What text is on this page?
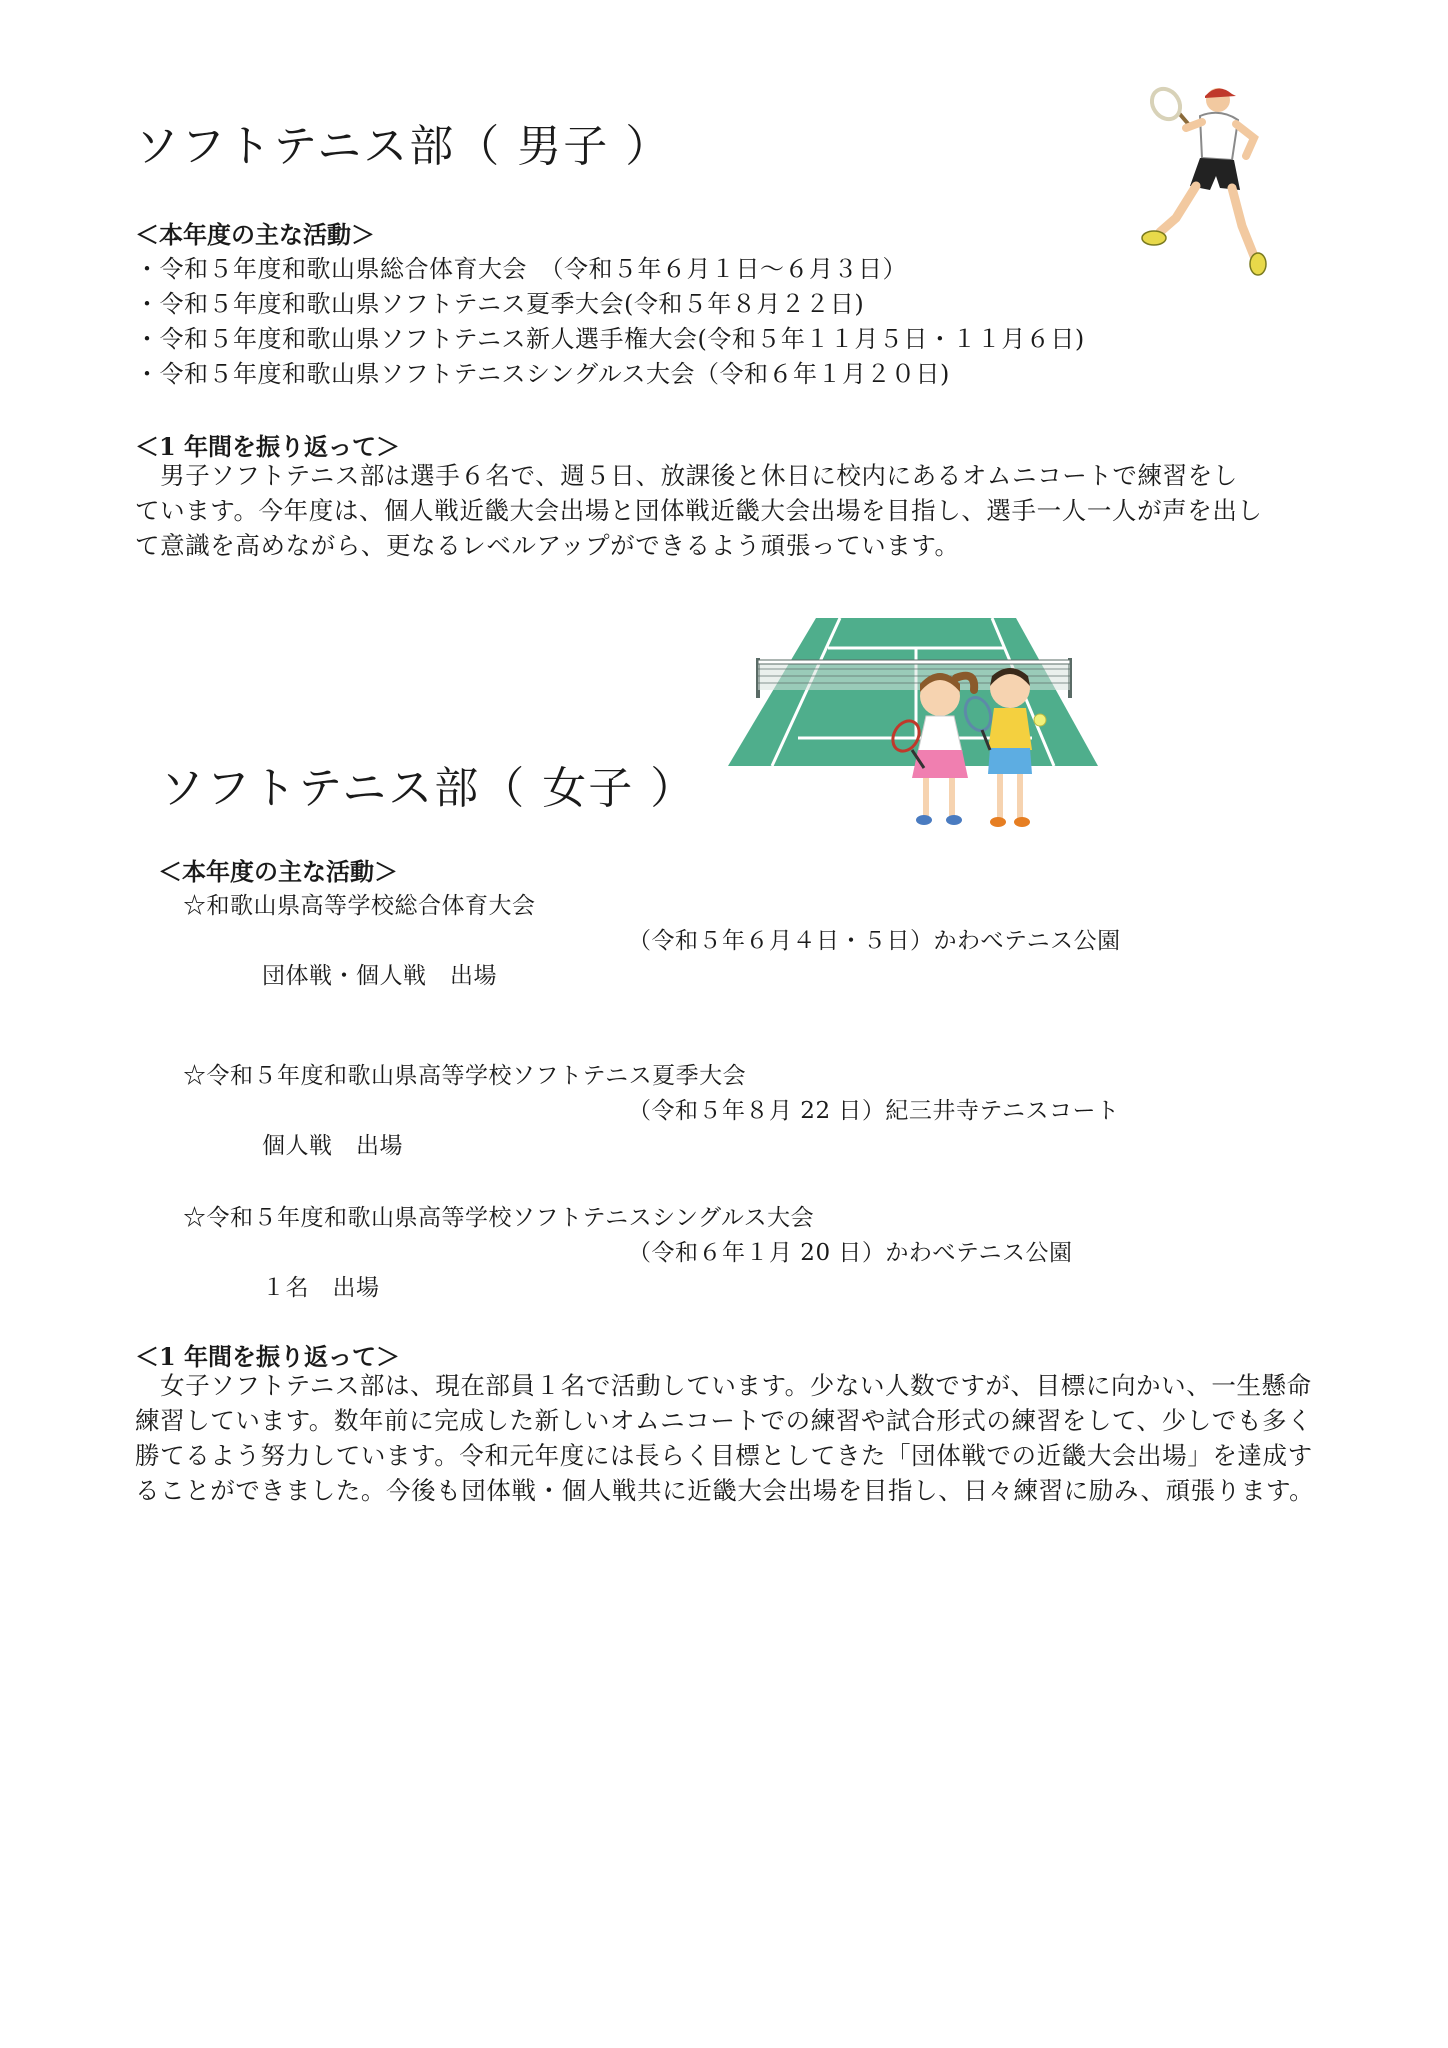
ソフトテニス部（ 男子 ）
＜本年度の主な活動＞
・令和５年度和歌山県総合体育大会　（令和５年６月１日～６月３日）
・令和５年度和歌山県ソフトテニス夏季大会(令和５年８月２２日)
・令和５年度和歌山県ソフトテニス新人選手権大会(令和５年１１月５日・１１月６日)
・令和５年度和歌山県ソフトテニスシングルス大会（令和６年１月２０日)
＜1 年間を振り返って＞

　男子ソフトテニス部は選手６名で、週５日、放課後と休日に校内にあるオムニコートで練習をし

ています。今年度は、個人戦近畿大会出場と団体戦近畿大会出場を目指し、選手一人一人が声を出し

て意識を高めながら、更なるレベルアップができるよう頑張っています。

ソフトテニス部（ 女子 ）
＜本年度の主な活動＞
☆和歌山県高等学校総合体育大会
（令和５年６月４日・５日）かわべテニス公園
団体戦・個人戦　出場
☆令和５年度和歌山県高等学校ソフトテニス夏季大会
（令和５年８月 22 日）紀三井寺テニスコート
個人戦　出場
☆令和５年度和歌山県高等学校ソフトテニスシングルス大会
（令和６年１月 20 日）かわべテニス公園
１名　出場
＜1 年間を振り返って＞

　女子ソフトテニス部は、現在部員１名で活動しています。少ない人数ですが、目標に向かい、一生懸命

練習しています。数年前に完成した新しいオムニコートでの練習や試合形式の練習をして、少しでも多く

勝てるよう努力しています。令和元年度には長らく目標としてきた「団体戦での近畿大会出場」を達成す

ることができました。今後も団体戦・個人戦共に近畿大会出場を目指し、日々練習に励み、頑張ります。
